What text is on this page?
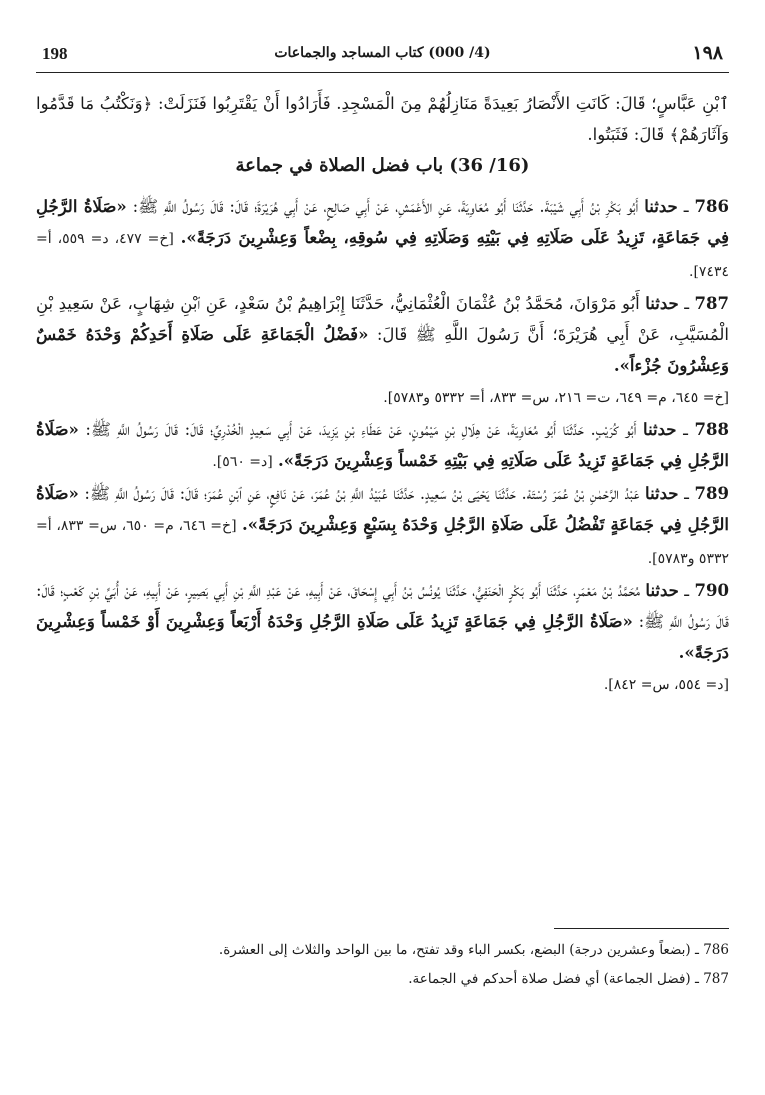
198	(4/ 000) كتاب المساجد والجماعات	١٩٨

ٱبْنِ عَبَّاسٍ؛ قَالَ: كَانَتِ الأَنْصَارُ بَعِيدَةً مَنَازِلُهُمْ مِنَ الْمَسْجِدِ. فَأَرَادُوا أَنْ يَقْتَرِبُوا فَنَزَلَتْ: ﴿وَنَكْتُبُ مَا قَدَّمُوا وَآثَارَهُمْ﴾ قَالَ: فَثَبَتُوا.

(16/ 36) باب فضل الصلاة في جماعة

786 ـ حدثنا أَبُو بَكْرِ بْنُ أَبِي شَيْبَةَ. حَدَّثَنَا أَبُو مُعَاوِيَةَ، عَنِ الأَعْمَشِ، عَنْ أَبِي صَالِحٍ، عَنْ أَبِي هُرَيْرَةَ؛ قَالَ: قَالَ رَسُولُ اللَّهِ ﷺ: «صَلَاةُ الرَّجُلِ فِي جَمَاعَةٍ، تَزِيدُ عَلَى صَلَاتِهِ فِي بَيْتِهِ وَصَلَاتِهِ فِي سُوقِهِ، بِضْعاً وَعِشْرِينَ دَرَجَةً». [خ= ٤٧٧، د= ٥٥٩، أ= ٧٤٣٤].

787 ـ حدثنا أَبُو مَرْوَانَ، مُحَمَّدُ بْنُ عُثْمَانَ الْعُثْمَانِيُّ، حَدَّثَنَا إِبْرَاهِيمُ بْنُ سَعْدٍ، عَنِ ٱبْنِ شِهَابٍ، عَنْ سَعِيدِ بْنِ الْمُسَيَّبِ، عَنْ أَبِي هُرَيْرَةَ؛ أَنَّ رَسُولَ اللَّهِ ﷺ قَالَ: «فَضْلُ الْجَمَاعَةِ عَلَى صَلَاةِ أَحَدِكُمْ وَحْدَهُ خَمْسٌ وَعِشْرُونَ جُزْءاً».
[خ= ٦٤٥، م= ٦٤٩، ت= ٢١٦، س= ٨٣٣، أ= ٥٣٣٢ و٥٧٨٣].

788 ـ حدثنا أَبُو كُرَيْبٍ. حَدَّثَنَا أَبُو مُعَاوِيَةَ، عَنْ هِلَالِ بْنِ مَيْمُونٍ، عَنْ عَطَاءِ بْنِ يَزِيدَ، عَنْ أَبِي سَعِيدٍ الْخُدْرِيِّ؛ قَالَ: قَالَ رَسُولُ اللَّهِ ﷺ: «صَلَاةُ الرَّجُلِ فِي جَمَاعَةٍ تَزِيدُ عَلَى صَلَاتِهِ فِي بَيْتِهِ خَمْساً وَعِشْرِينَ دَرَجَةً». [د= ٥٦٠].

789 ـ حدثنا عَبْدُ الرَّحْمٰنِ بْنُ عُمَرَ رُسْتَهْ. حَدَّثَنَا يَحْيَى بْنُ سَعِيدٍ. حَدَّثَنَا عُبَيْدُ اللَّهِ بْنُ عُمَرَ، عَنْ نَافِعٍ، عَنِ ٱبْنِ عُمَرَ؛ قَالَ: قَالَ رَسُولُ اللَّهِ ﷺ: «صَلَاةُ الرَّجُلِ فِي جَمَاعَةٍ تَفْضُلُ عَلَى صَلَاةِ الرَّجُلِ وَحْدَهُ بِسَبْعٍ وَعِشْرِينَ دَرَجَةً». [خ= ٦٤٦، م= ٦٥٠، س= ٨٣٣، أ= ٥٣٣٢ و٥٧٨٣].

790 ـ حدثنا مُحَمَّدُ بْنُ مَعْمَرٍ، حَدَّثَنَا أَبُو بَكْرٍ الْحَنَفِيُّ، حَدَّثَنَا يُونُسُ بْنُ أَبِي إِسْحَاقَ، عَنْ أَبِيهِ، عَنْ عَبْدِ اللَّهِ بْنِ أَبِي بَصِيرٍ، عَنْ أَبِيهِ، عَنْ أُبَيِّ بْنِ كَعْبٍ؛ قَالَ: قَالَ رَسُولُ اللَّهِ ﷺ: «صَلَاةُ الرَّجُلِ فِي جَمَاعَةٍ تَزِيدُ عَلَى صَلَاةِ الرَّجُلِ وَحْدَهُ أَرْبَعاً وَعِشْرِينَ أَوْ خَمْساً وَعِشْرِينَ دَرَجَةً».
[د= ٥٥٤، س= ٨٤٢].

786 ـ (بضعاً وعشرين درجة) البضع، بكسر الباء وقد تفتح، ما بين الواحد والثلاث إلى العشرة.

787 ـ (فضل الجماعة) أي فضل صلاة أحدكم في الجماعة.
